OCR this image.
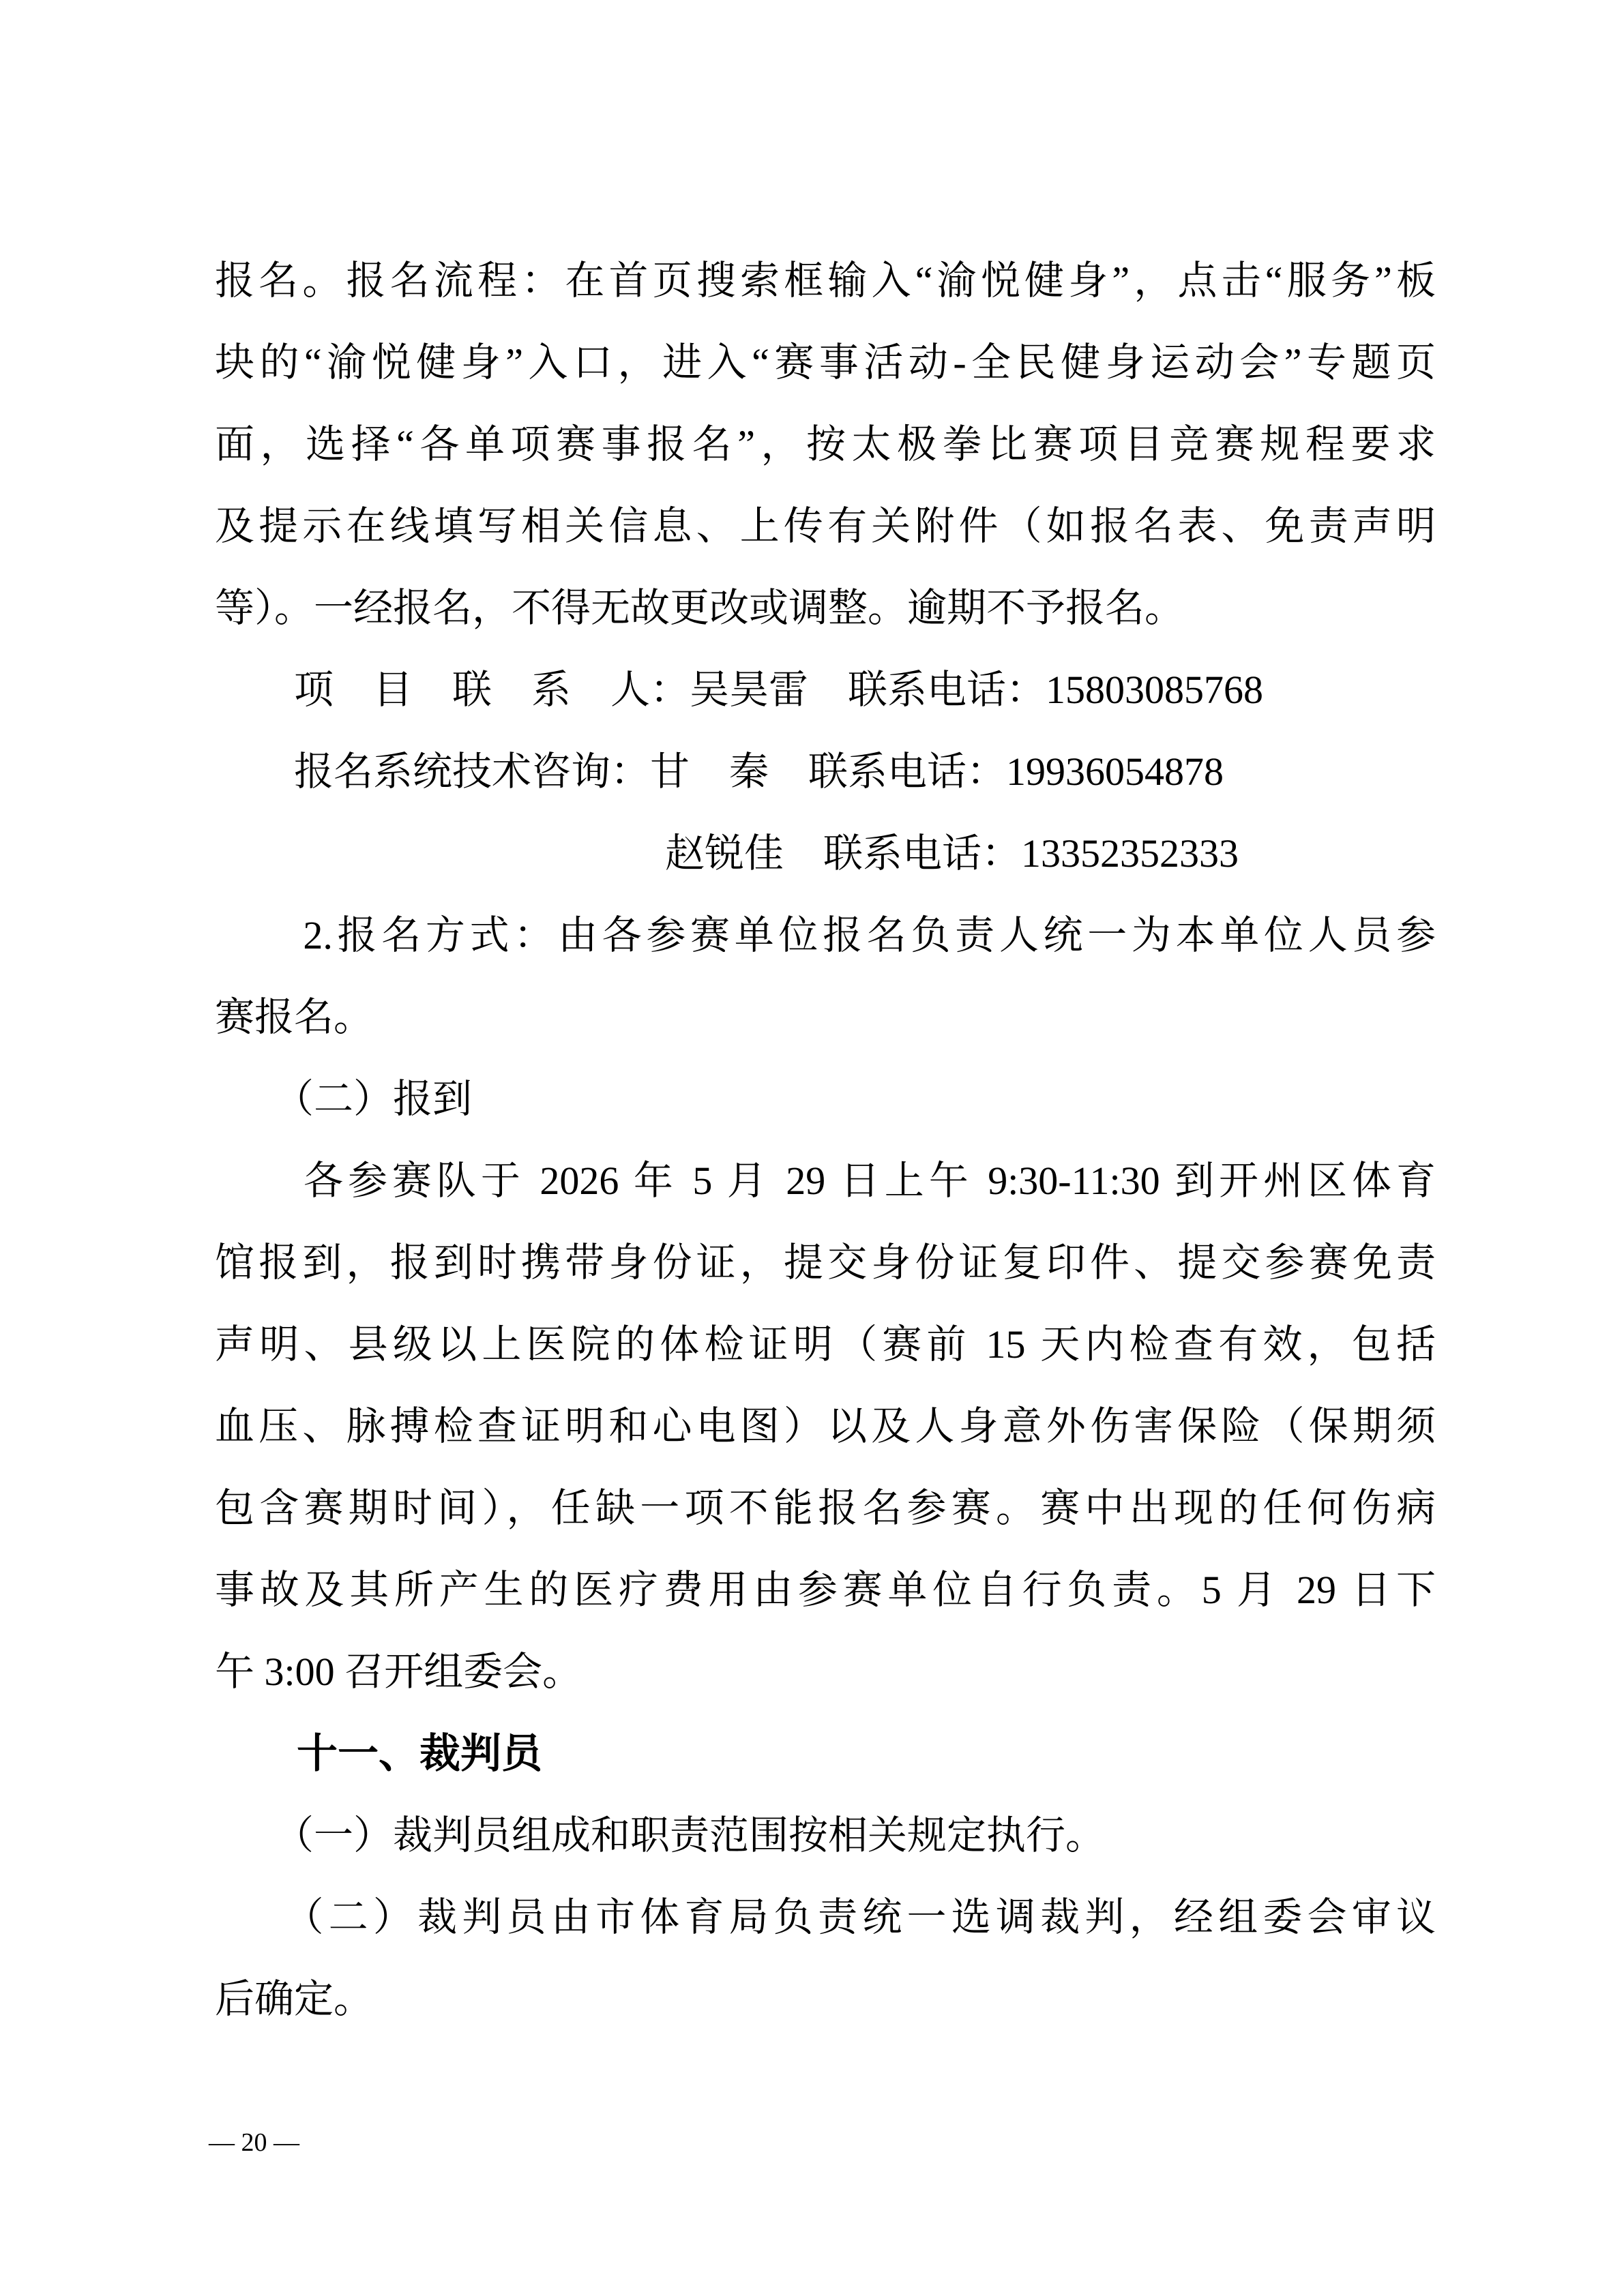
报名。报名流程：在首页搜索框输入“渝悦健身”，点击“服务”板
块的“渝悦健身”入口，进入“赛事活动-全民健身运动会”专题页
面，选择“各单项赛事报名”，按太极拳比赛项目竞赛规程要求
及提示在线填写相关信息、上传有关附件（如报名表、免责声明
等）。一经报名，不得无故更改或调整。逾期不予报名。
　　项　目　联　系　人：吴昊雷　联系电话：15803085768
　　报名系统技术咨询：甘　秦　联系电话：19936054878
赵锐佳　联系电话：13352352333
　　2.报名方式：由各参赛单位报名负责人统一为本单位人员参
赛报名。
　　（二）报到
　　各参赛队于 2026 年 5 月 29 日上午 9:30-11:30 到开州区体育
馆报到，报到时携带身份证，提交身份证复印件、提交参赛免责
声明、县级以上医院的体检证明（赛前 15 天内检查有效，包括
血压、脉搏检查证明和心电图）以及人身意外伤害保险（保期须
包含赛期时间），任缺一项不能报名参赛。赛中出现的任何伤病
事故及其所产生的医疗费用由参赛单位自行负责。5 月 29 日下
午 3:00 召开组委会。
　　十一、裁判员
　　（一）裁判员组成和职责范围按相关规定执行。
　　（二）裁判员由市体育局负责统一选调裁判，经组委会审议
后确定。
— 20 —
